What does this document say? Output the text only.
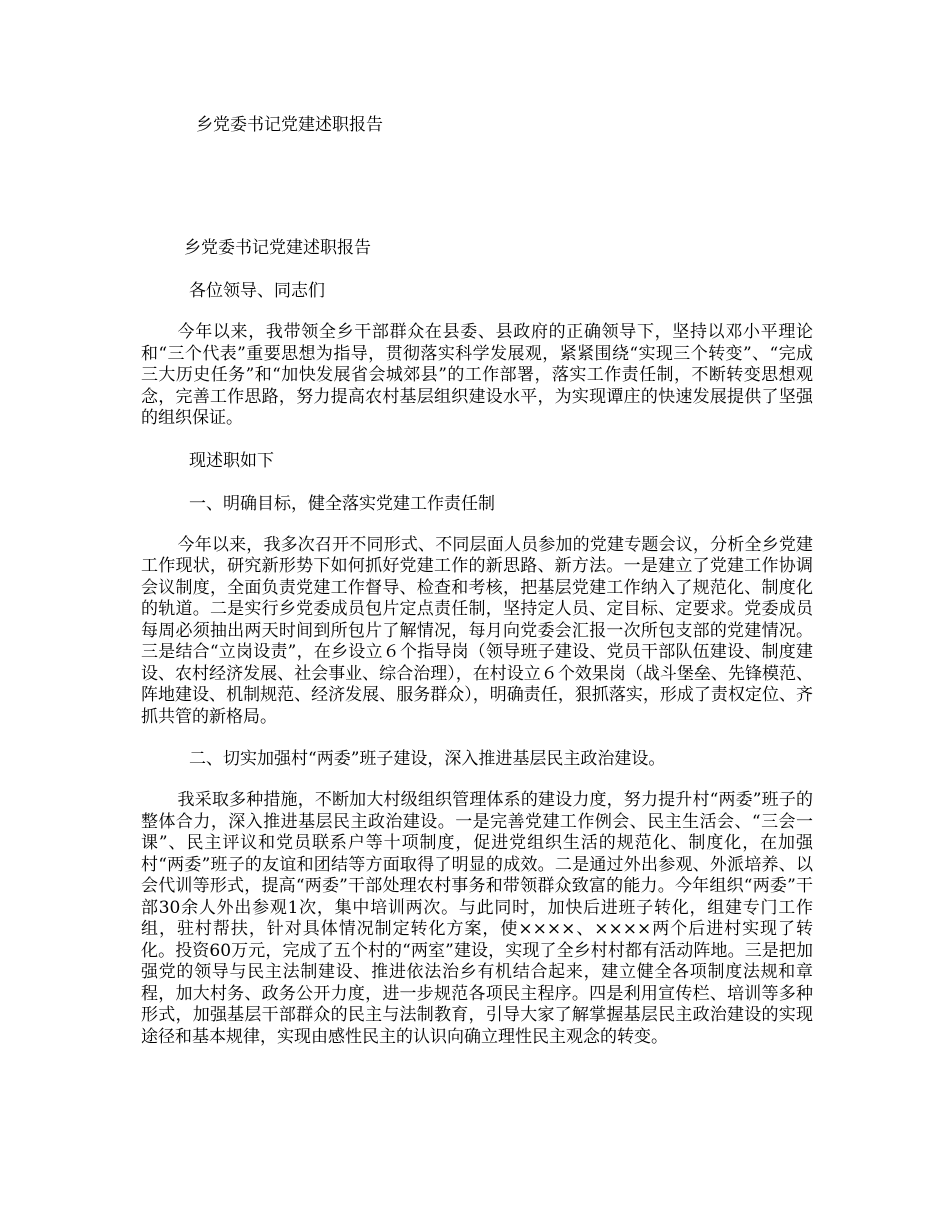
乡党委书记党建述职报告

乡党委书记党建述职报告

各位领导、同志们

今年以来，我带领全乡干部群众在县委、县政府的正确领导下，坚持以邓小平理论和“三个代表”重要思想为指导，贯彻落实科学发展观，紧紧围绕“实现三个转变”、“完成三大历史任务”和“加快发展省会城郊县”的工作部署，落实工作责任制，不断转变思想观念，完善工作思路，努力提高农村基层组织建设水平，为实现谭庄的快速发展提供了坚强的组织保证。

现述职如下

一、明确目标，健全落实党建工作责任制

今年以来，我多次召开不同形式、不同层面人员参加的党建专题会议，分析全乡党建工作现状，研究新形势下如何抓好党建工作的新思路、新方法。一是建立了党建工作协调会议制度，全面负责党建工作督导、检查和考核，把基层党建工作纳入了规范化、制度化的轨道。二是实行乡党委成员包片定点责任制，坚持定人员、定目标、定要求。党委成员每周必须抽出两天时间到所包片了解情况，每月向党委会汇报一次所包支部的党建情况。三是结合“立岗设责”，在乡设立６个指导岗（领导班子建设、党员干部队伍建设、制度建设、农村经济发展、社会事业、综合治理），在村设立６个效果岗（战斗堡垒、先锋模范、阵地建设、机制规范、经济发展、服务群众），明确责任，狠抓落实，形成了责权定位、齐抓共管的新格局。

二、切实加强村“两委”班子建设，深入推进基层民主政治建设。

我采取多种措施，不断加大村级组织管理体系的建设力度，努力提升村“两委”班子的整体合力，深入推进基层民主政治建设。一是完善党建工作例会、民主生活会、“三会一课”、民主评议和党员联系户等十项制度，促进党组织生活的规范化、制度化，在加强村“两委”班子的友谊和团结等方面取得了明显的成效。二是通过外出参观、外派培养、以会代训等形式，提高“两委”干部处理农村事务和带领群众致富的能力。今年组织“两委”干部30余人外出参观1次，集中培训两次。与此同时，加快后进班子转化，组建专门工作组，驻村帮扶，针对具体情况制定转化方案，使××××、××××两个后进村实现了转化。投资60万元，完成了五个村的“两室”建设，实现了全乡村村都有活动阵地。三是把加强党的领导与民主法制建设、推进依法治乡有机结合起来，建立健全各项制度法规和章程，加大村务、政务公开力度，进一步规范各项民主程序。四是利用宣传栏、培训等多种形式，加强基层干部群众的民主与法制教育，引导大家了解掌握基层民主政治建设的实现途径和基本规律，实现由感性民主的认识向确立理性民主观念的转变。
